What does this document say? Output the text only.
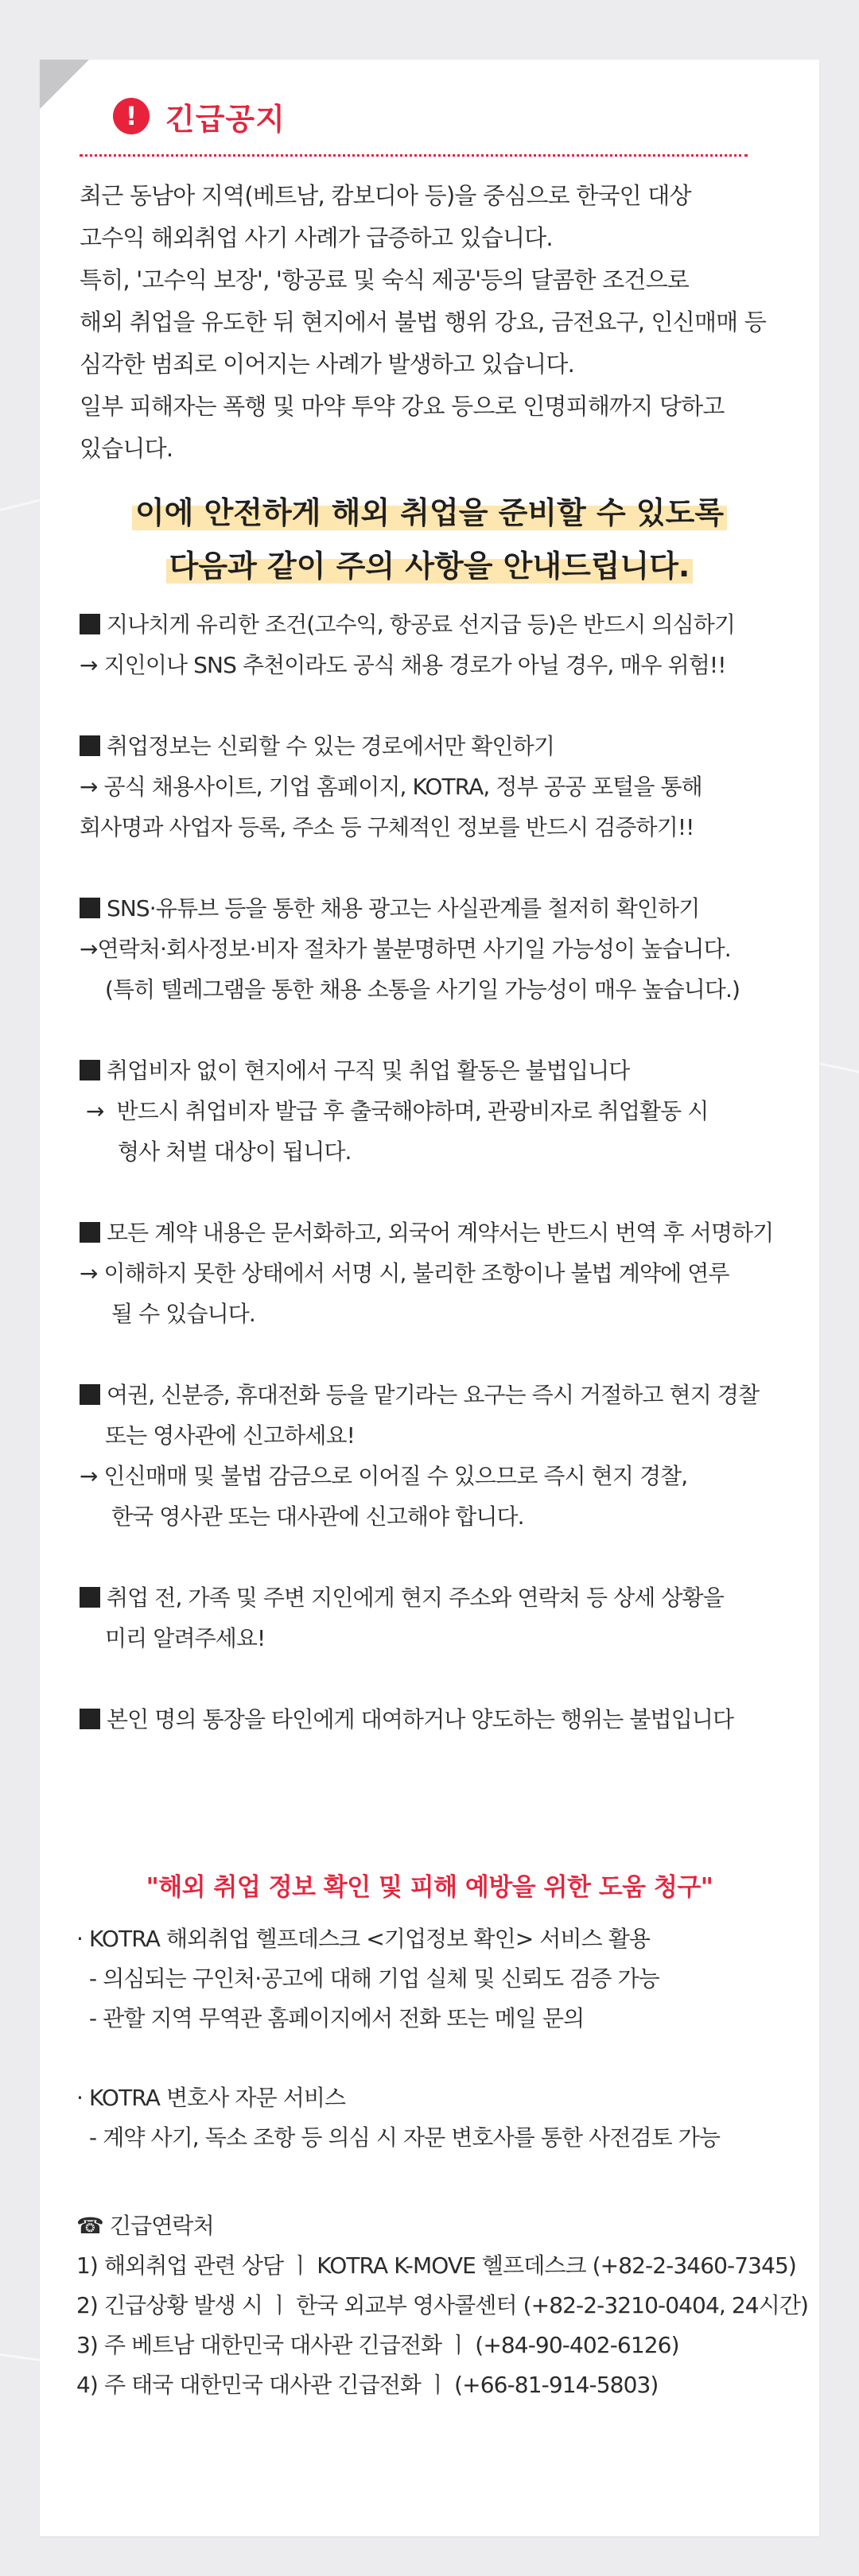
! 긴급공지

최근 동남아 지역(베트남, 캄보디아 등)을 중심으로 한국인 대상

고수익 해외취업 사기 사례가 급증하고 있습니다.

특히, '고수익 보장', '항공료 및 숙식 제공'등의 달콤한 조건으로

해외 취업을 유도한 뒤 현지에서 불법 행위 강요, 금전요구, 인신매매 등

심각한 범죄로 이어지는 사례가 발생하고 있습니다.

일부 피해자는 폭행 및 마약 투약 강요 등으로 인명피해까지 당하고

있습니다.

이에 안전하게 해외 취업을 준비할 수 있도록
다음과 같이 주의 사항을 안내드립니다.

지나치게 유리한 조건(고수익, 항공료 선지급 등)은 반드시 의심하기

→ 지인이나 SNS 추천이라도 공식 채용 경로가 아닐 경우, 매우 위험!!

취업정보는 신뢰할 수 있는 경로에서만 확인하기

→ 공식 채용사이트, 기업 홈페이지, KOTRA, 정부 공공 포털을 통해

회사명과 사업자 등록, 주소 등 구체적인 정보를 반드시 검증하기!!

SNS·유튜브 등을 통한 채용 광고는 사실관계를 철저히 확인하기

→연락처·회사정보·비자 절차가 불분명하면 사기일 가능성이 높습니다.

(특히 텔레그램을 통한 채용 소통을 사기일 가능성이 매우 높습니다.)

취업비자 없이 현지에서 구직 및 취업 활동은 불법입니다

→  반드시 취업비자 발급 후 출국해야하며, 관광비자로 취업활동 시

형사 처벌 대상이 됩니다.

모든 계약 내용은 문서화하고, 외국어 계약서는 반드시 번역 후 서명하기

→ 이해하지 못한 상태에서 서명 시, 불리한 조항이나 불법 계약에 연루

될 수 있습니다.

여권, 신분증, 휴대전화 등을 맡기라는 요구는 즉시 거절하고 현지 경찰

또는 영사관에 신고하세요!

→ 인신매매 및 불법 감금으로 이어질 수 있으므로 즉시 현지 경찰,

한국 영사관 또는 대사관에 신고해야 합니다.

취업 전, 가족 및 주변 지인에게 현지 주소와 연락처 등 상세 상황을

미리 알려주세요!

본인 명의 통장을 타인에게 대여하거나 양도하는 행위는 불법입니다

"해외 취업 정보 확인 및 피해 예방을 위한 도움 청구"

· KOTRA 해외취업 헬프데스크 <기업정보 확인> 서비스 활용

- 의심되는 구인처·공고에 대해 기업 실체 및 신뢰도 검증 가능

- 관할 지역 무역관 홈페이지에서 전화 또는 메일 문의

· KOTRA 변호사 자문 서비스

- 계약 사기, 독소 조항 등 의심 시 자문 변호사를 통한 사전검토 가능

☎ 긴급연락처

1) 해외취업 관련 상담 ㅣ KOTRA K-MOVE 헬프데스크 (+82-2-3460-7345)

2) 긴급상황 발생 시 ㅣ 한국 외교부 영사콜센터 (+82-2-3210-0404, 24시간)

3) 주 베트남 대한민국 대사관 긴급전화 ㅣ (+84-90-402-6126)

4) 주 태국 대한민국 대사관 긴급전화 ㅣ (+66-81-914-5803)
